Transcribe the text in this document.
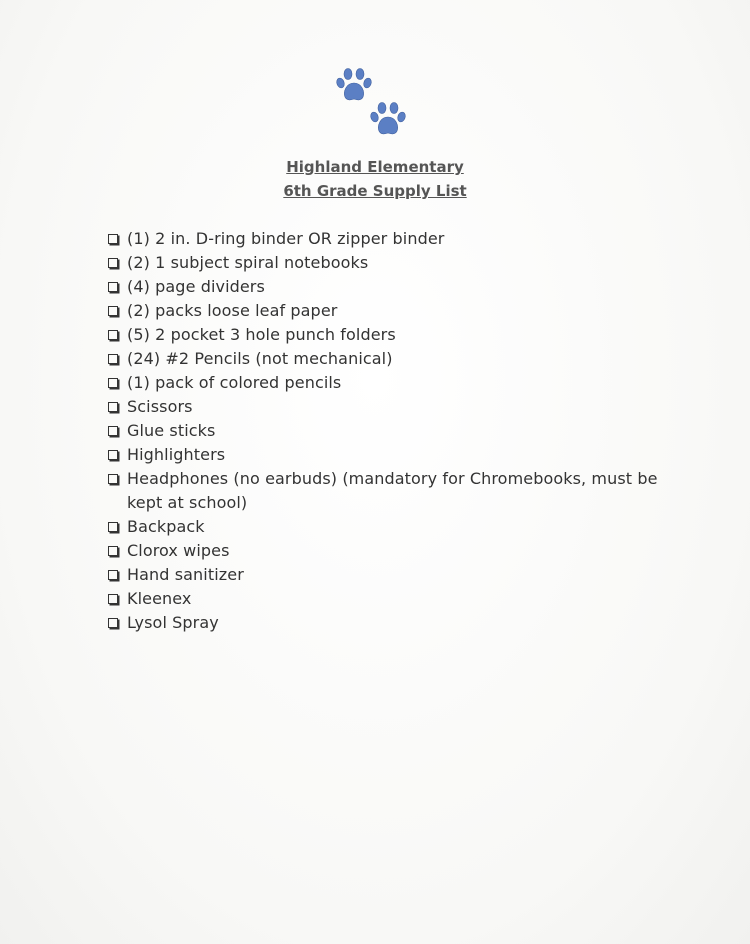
Highland Elementary
6th Grade Supply List
(1) 2 in. D-ring binder OR zipper binder
(2) 1 subject spiral notebooks
(4) page dividers
(2) packs loose leaf paper
(5) 2 pocket 3 hole punch folders
(24) #2 Pencils (not mechanical)
(1) pack of colored pencils
Scissors
Glue sticks
Highlighters
Headphones (no earbuds) (mandatory for Chromebooks, must be kept at school)
Backpack
Clorox wipes
Hand sanitizer
Kleenex
Lysol Spray
